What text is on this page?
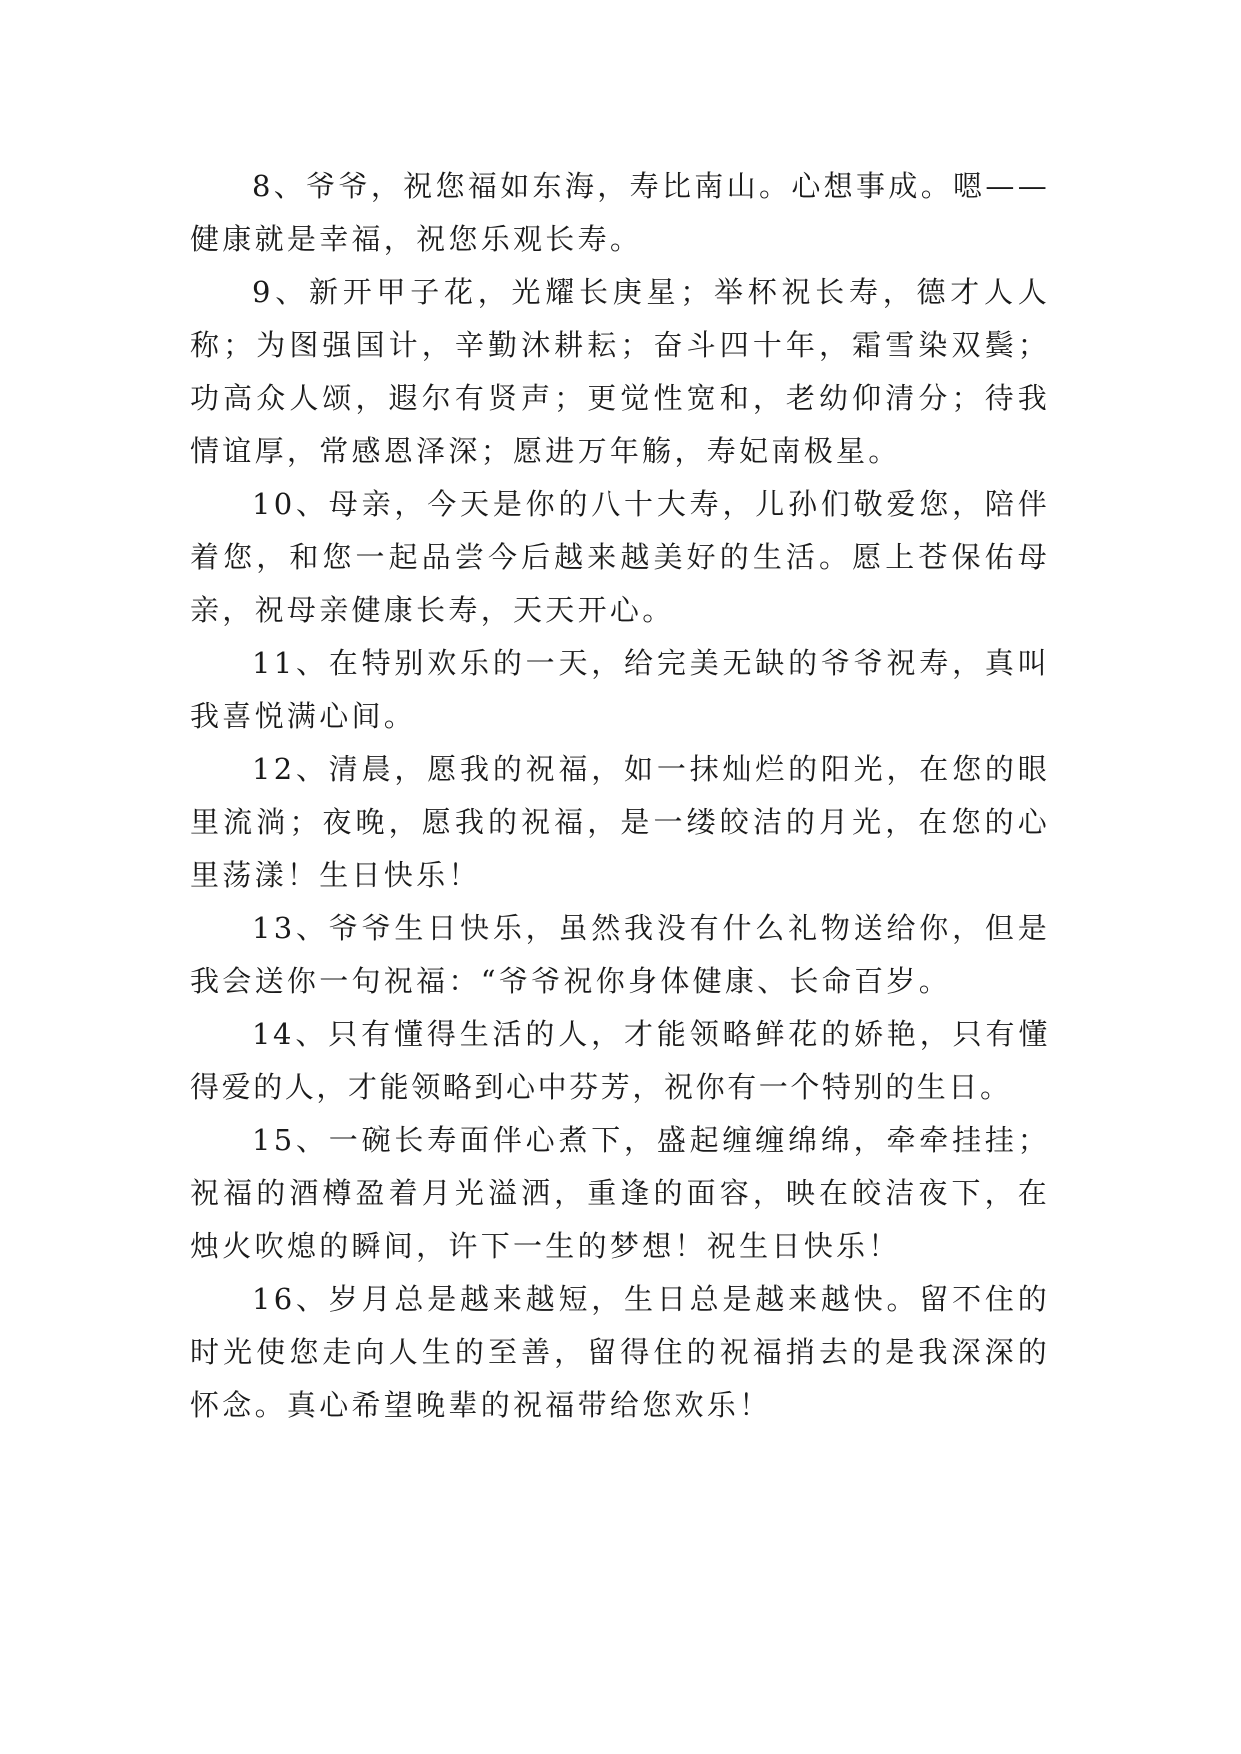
8、爷爷，祝您福如东海，寿比南山。心想事成。嗯——健康就是幸福，祝您乐观长寿。

9、新开甲子花，光耀长庚星；举杯祝长寿，德才人人称；为图强国计，辛勤沐耕耘；奋斗四十年，霜雪染双鬓；功高众人颂，遐尔有贤声；更觉性宽和，老幼仰清分；待我情谊厚，常感恩泽深；愿进万年觞，寿妃南极星。

10、母亲，今天是你的八十大寿，儿孙们敬爱您，陪伴着您，和您一起品尝今后越来越美好的生活。愿上苍保佑母亲，祝母亲健康长寿，天天开心。

11、在特别欢乐的一天，给完美无缺的爷爷祝寿，真叫我喜悦满心间。

12、清晨，愿我的祝福，如一抹灿烂的阳光，在您的眼里流淌；夜晚，愿我的祝福，是一缕皎洁的月光，在您的心里荡漾！生日快乐！

13、爷爷生日快乐，虽然我没有什么礼物送给你，但是我会送你一句祝福：“爷爷祝你身体健康、长命百岁。

14、只有懂得生活的人，才能领略鲜花的娇艳，只有懂得爱的人，才能领略到心中芬芳，祝你有一个特别的生日。

15、一碗长寿面伴心煮下，盛起缠缠绵绵，牵牵挂挂；祝福的酒樽盈着月光溢洒，重逢的面容，映在皎洁夜下，在烛火吹熄的瞬间，许下一生的梦想！祝生日快乐！

16、岁月总是越来越短，生日总是越来越快。留不住的时光使您走向人生的至善，留得住的祝福捎去的是我深深的怀念。真心希望晚辈的祝福带给您欢乐！
